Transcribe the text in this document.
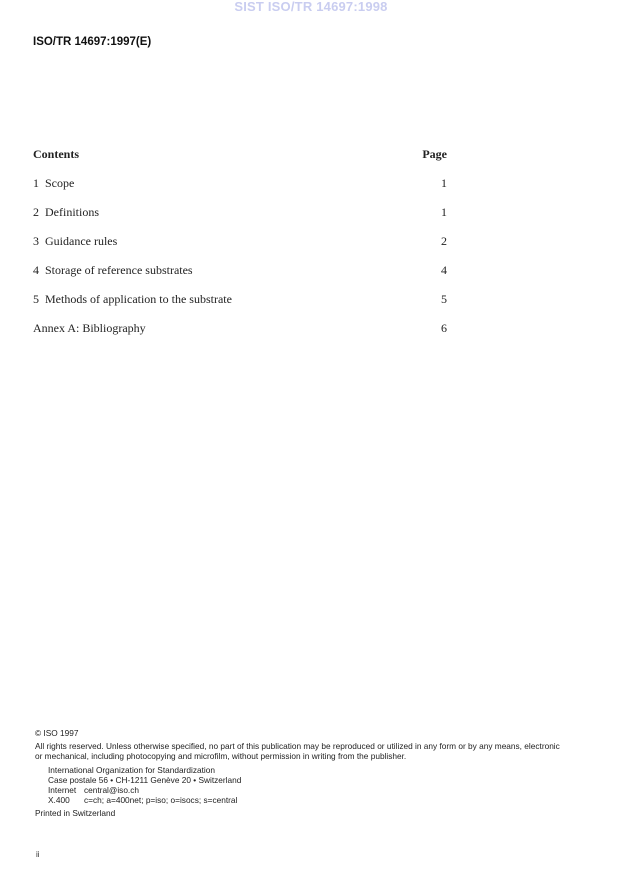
SIST ISO/TR 14697:1998
ISO/TR 14697:1997(E)
Contents	Page
1 Scope	1
2 Definitions	1
3 Guidance rules	2
4 Storage of reference substrates	4
5 Methods of application to the substrate	5
Annex A: Bibliography	6
© ISO 1997
All rights reserved. Unless otherwise specified, no part of this publication may be reproduced or utilized in any form or by any means, electronic
or mechanical, including photocopying and microfilm, without permission in writing from the publisher.
International Organization for Standardization
Case postale 56 • CH-1211 Genève 20 • Switzerland
Internet central@iso.ch
X.400	c=ch; a=400net; p=iso; o=isocs; s=central
Printed in Switzerland
ii
